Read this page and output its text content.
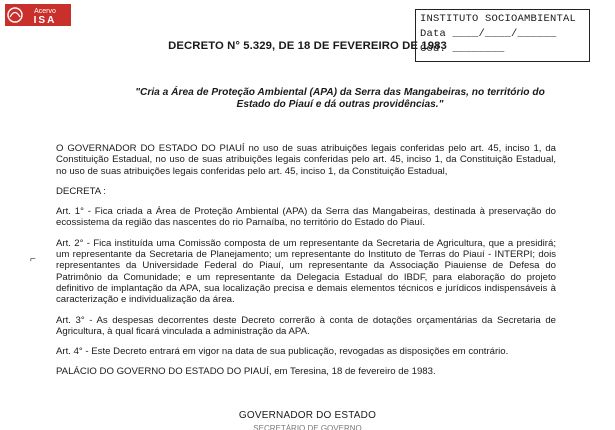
Acervo
ISA	INSTITUTO SOCIOAMBIENTAL
Data ____/____/______
Cod. ________
DECRETO N° 5.329, DE 18 DE FEVEREIRO DE 1983
"Cria a Área de Proteção Ambiental (APA) da Serra das Mangabeiras, no território do Estado do Piauí e dá outras providências."
⌐

O GOVERNADOR DO ESTADO DO PIAUÍ no uso de suas atribuições legais conferidas pelo art. 45, inciso 1, da Constituição Estadual, no uso de suas atribuições legais conferidas pelo art. 45, inciso 1, da Constituição Estadual, no uso de suas atribuições legais conferidas pelo art. 45, inciso 1, da Constituição Estadual,

DECRETA :

Art. 1° - Fica criada a Área de Proteção Ambiental (APA) da Serra das Mangabeiras, destinada à preservação do ecossistema da região das nascentes do rio Parnaíba, no território do Estado do Piauí.

Art. 2° - Fica instituída uma Comissão composta de um representante da Secretaria de Agricultura, que a presidirá; um representante da Secretaria de Planejamento; um representante do Instituto de Terras do Piauí - INTERPI; dois representantes da Universidade Federal do Piauí, um representante da Associação Piauiense de Defesa do Patrimônio da Comunidade; e um representante da Delegacia Estadual do IBDF, para elaboração do projeto definitivo de implantação da APA, sua localização precisa e demais elementos técnicos e jurídicos indispensáveis à caracterização e individualização da área.

Art. 3° - As despesas decorrentes deste Decreto correrão à conta de dotações orçamentárias da Secretaria de Agricultura, à qual ficará vinculada a administração da APA.

Art. 4° - Este Decreto entrará em vigor na data de sua publicação, revogadas as disposições em contrário.

PALÁCIO DO GOVERNO DO ESTADO DO PIAUÍ, em Teresina, 18 de fevereiro de 1983.

GOVERNADOR DO ESTADO
SECRETÁRIO DE GOVERNO
